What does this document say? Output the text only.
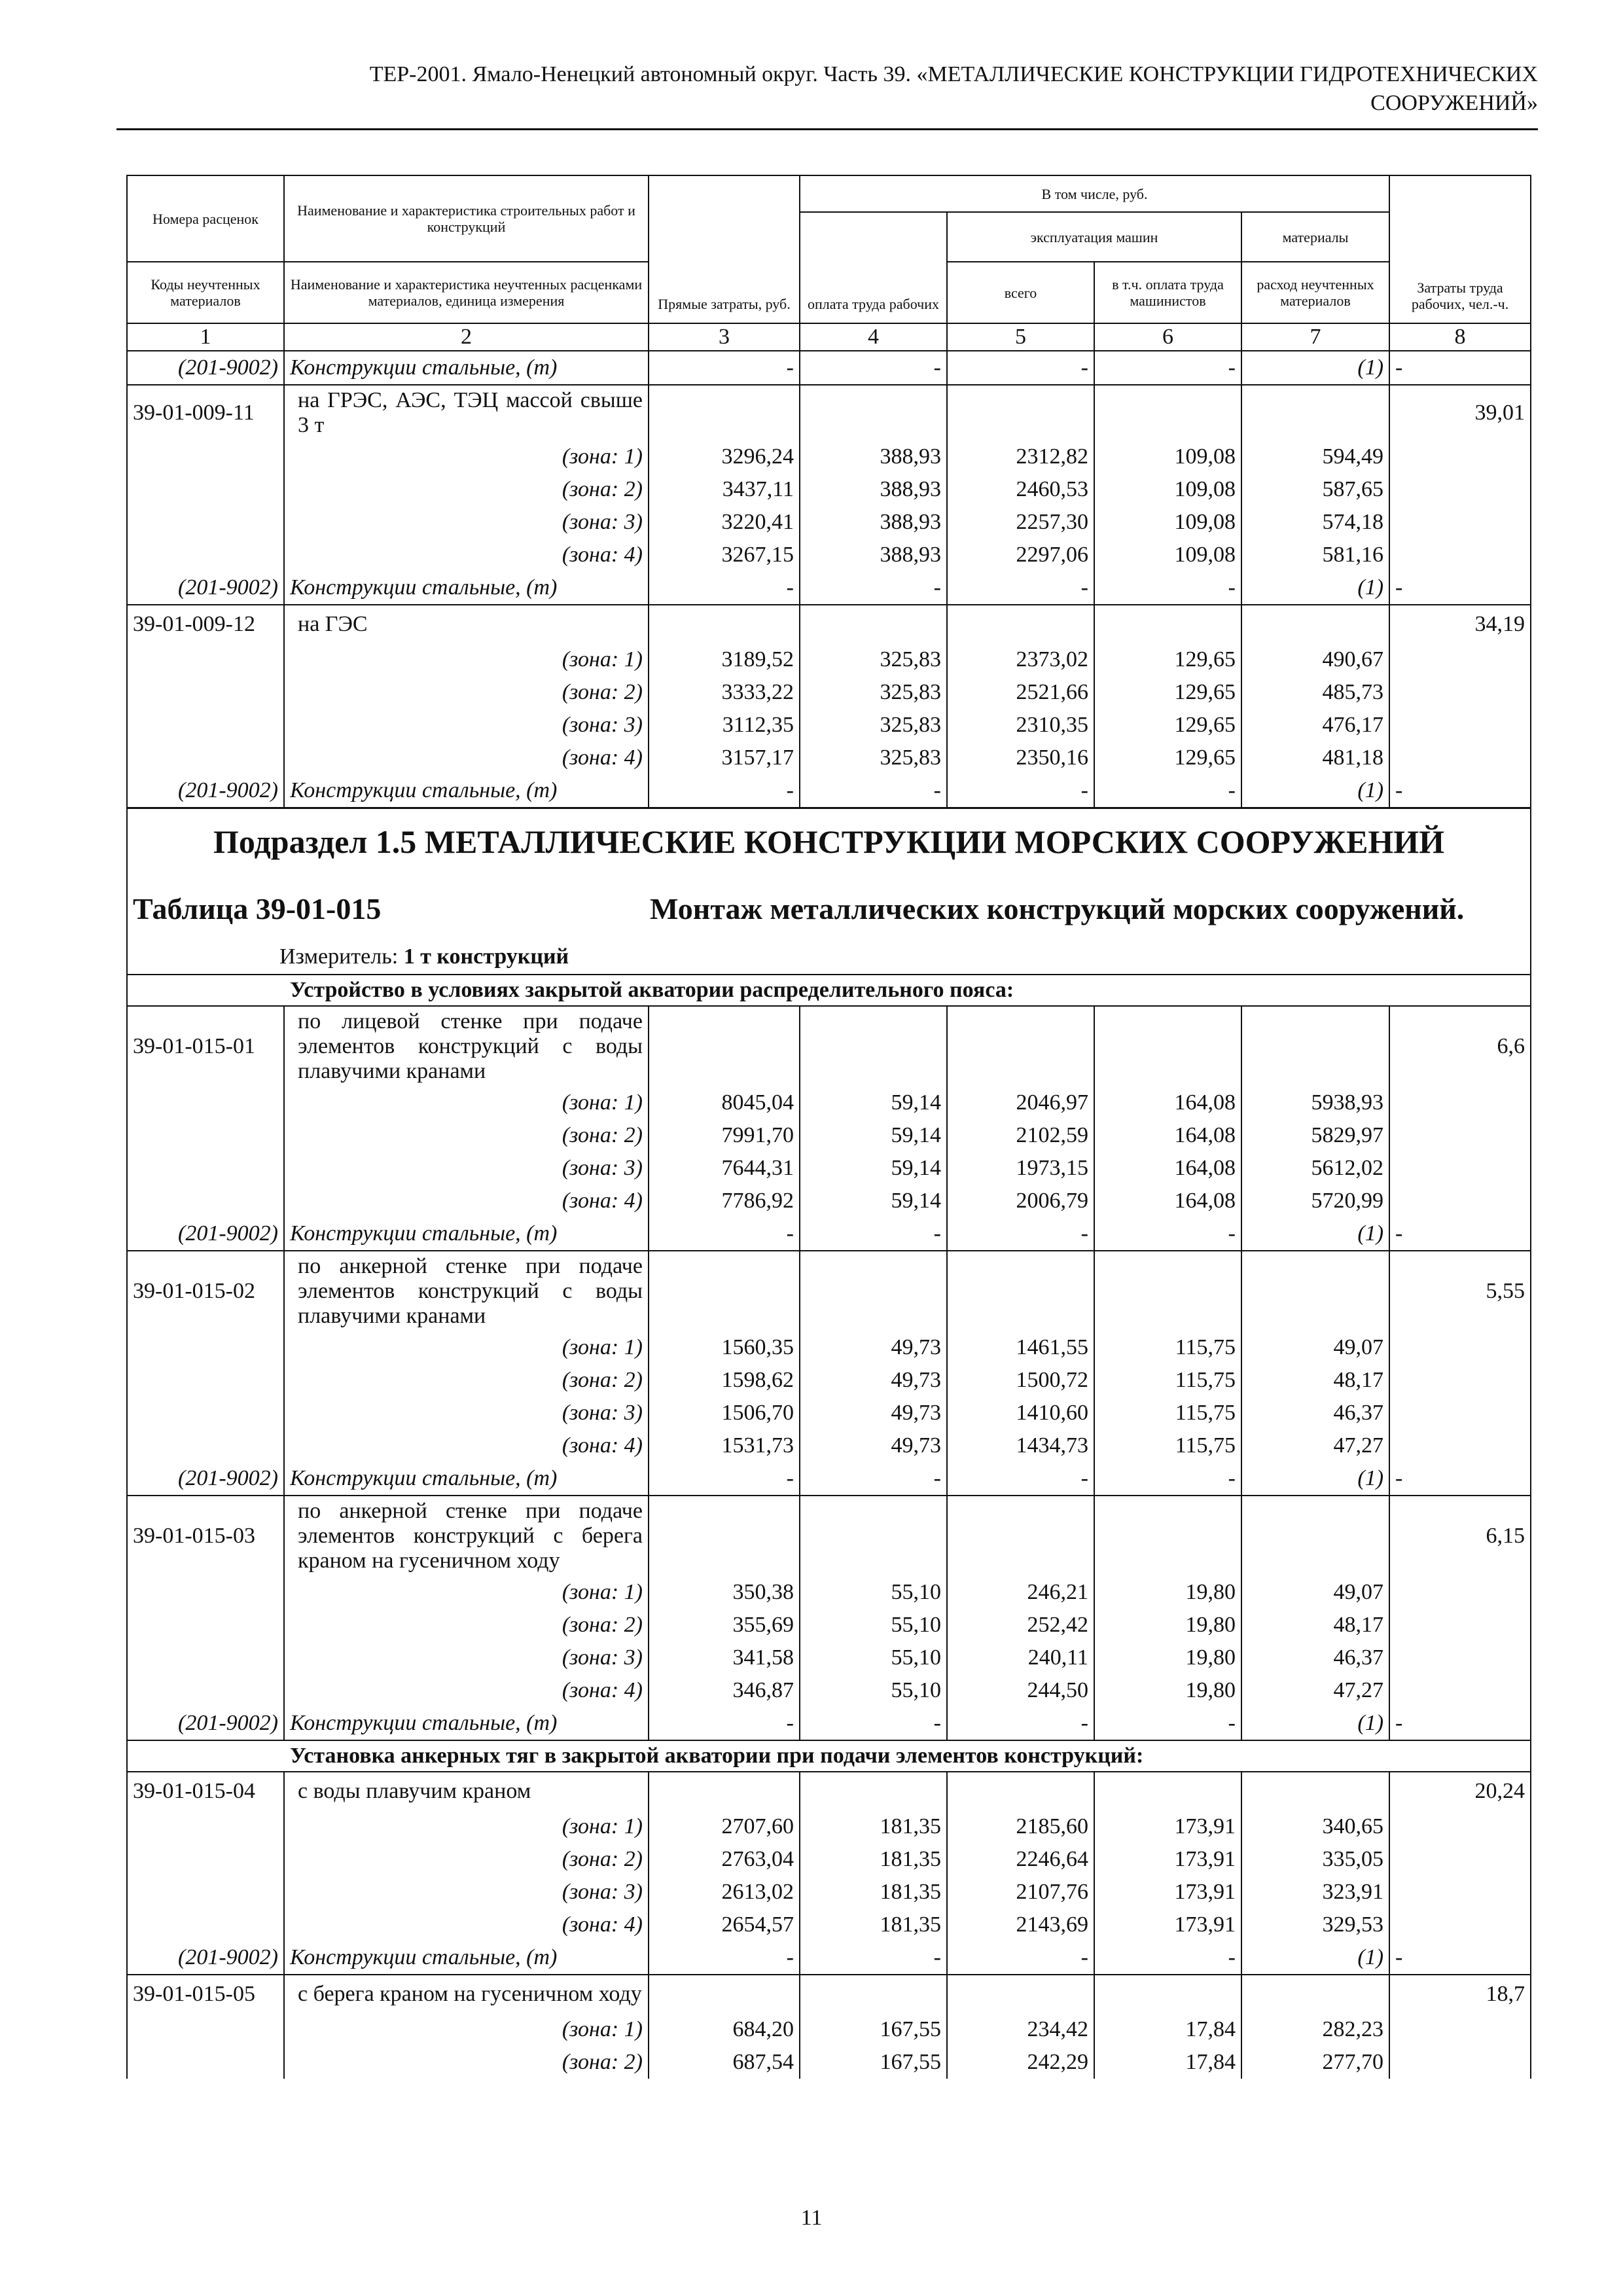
ТЕР-2001. Ямало-Ненецкий автономный округ. Часть 39. «МЕТАЛЛИЧЕСКИЕ КОНСТРУКЦИИ ГИДРОТЕХНИЧЕСКИХ
СООРУЖЕНИЙ»
Номера расценок	Наименование и характеристика строительных работ и конструкций	Прямые затраты, руб.	В том числе, руб.				Затраты труда рабочих, чел.-ч.
			оплата труда рабочих	эксплуатация машин		материалы	
Коды неучтенных материалов	Наименование и характеристика неучтенных расценками материалов, единица измерения			всего	в т.ч. оплата труда машинистов	расход неучтенных материалов	
1	2	3	4	5	6	7	8
(201-9002)	Конструкции стальные, (т)	-	-	-	-	(1)	-
39-01-009-11	на ГРЭС, АЭС, ТЭЦ массой свыше 3 т						39,01
	(зона: 1)	3296,24	388,93	2312,82	109,08	594,49	
	(зона: 2)	3437,11	388,93	2460,53	109,08	587,65	
	(зона: 3)	3220,41	388,93	2257,30	109,08	574,18	
	(зона: 4)	3267,15	388,93	2297,06	109,08	581,16	
(201-9002)	Конструкции стальные, (т)	-	-	-	-	(1)	-
39-01-009-12	на ГЭС						34,19
	(зона: 1)	3189,52	325,83	2373,02	129,65	490,67	
	(зона: 2)	3333,22	325,83	2521,66	129,65	485,73	
	(зона: 3)	3112,35	325,83	2310,35	129,65	476,17	
	(зона: 4)	3157,17	325,83	2350,16	129,65	481,18	
(201-9002)	Конструкции стальные, (т)	-	-	-	-	(1)	-

Подраздел 1.5 МЕТАЛЛИЧЕСКИЕ КОНСТРУКЦИИ МОРСКИХ СООРУЖЕНИЙ
Таблица 39-01-015 Монтаж металлических конструкций морских сооружений.
Измеритель: 1 т конструкций							

Устройство в условиях закрытой акватории распределительного пояса:							
39-01-015-01	по лицевой стенке при подаче элементов конструкций с воды плавучими кранами						6,6
	(зона: 1)	8045,04	59,14	2046,97	164,08	5938,93	
	(зона: 2)	7991,70	59,14	2102,59	164,08	5829,97	
	(зона: 3)	7644,31	59,14	1973,15	164,08	5612,02	
	(зона: 4)	7786,92	59,14	2006,79	164,08	5720,99	
(201-9002)	Конструкции стальные, (т)	-	-	-	-	(1)	-
39-01-015-02	по анкерной стенке при подаче элементов конструкций с воды плавучими кранами						5,55
	(зона: 1)	1560,35	49,73	1461,55	115,75	49,07	
	(зона: 2)	1598,62	49,73	1500,72	115,75	48,17	
	(зона: 3)	1506,70	49,73	1410,60	115,75	46,37	
	(зона: 4)	1531,73	49,73	1434,73	115,75	47,27	
(201-9002)	Конструкции стальные, (т)	-	-	-	-	(1)	-
39-01-015-03	по анкерной стенке при подаче элементов конструкций с берега краном на гусеничном ходу						6,15
	(зона: 1)	350,38	55,10	246,21	19,80	49,07	
	(зона: 2)	355,69	55,10	252,42	19,80	48,17	
	(зона: 3)	341,58	55,10	240,11	19,80	46,37	
	(зона: 4)	346,87	55,10	244,50	19,80	47,27	
(201-9002)	Конструкции стальные, (т)	-	-	-	-	(1)	-
Установка анкерных тяг в закрытой акватории при подачи элементов конструкций:							
39-01-015-04	с воды плавучим краном						20,24
	(зона: 1)	2707,60	181,35	2185,60	173,91	340,65	
	(зона: 2)	2763,04	181,35	2246,64	173,91	335,05	
	(зона: 3)	2613,02	181,35	2107,76	173,91	323,91	
	(зона: 4)	2654,57	181,35	2143,69	173,91	329,53	
(201-9002)	Конструкции стальные, (т)	-	-	-	-	(1)	-
39-01-015-05	с берега краном на гусеничном ходу						18,7
	(зона: 1)	684,20	167,55	234,42	17,84	282,23	
	(зона: 2)	687,54	167,55	242,29	17,84	277,70	
11
